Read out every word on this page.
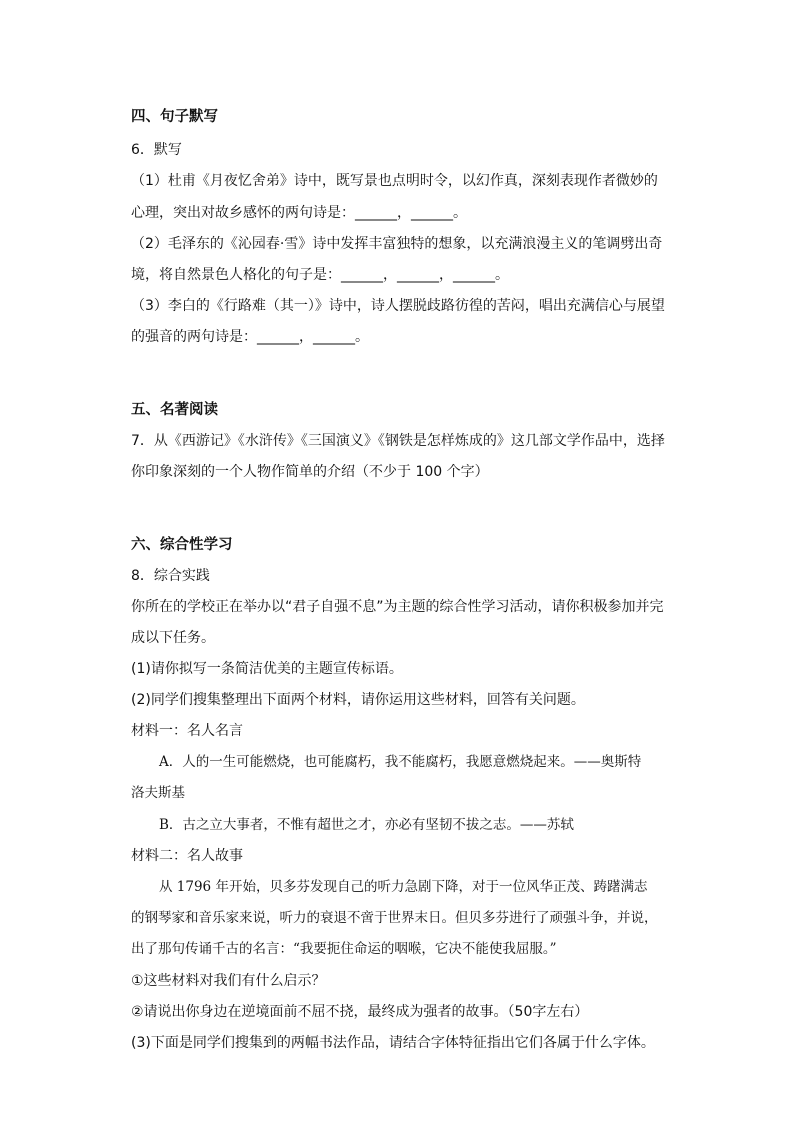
四、句子默写
6．默写
（1）杜甫《月夜忆舍弟》诗中，既写景也点明时令，以幻作真，深刻表现作者微妙的
心理，突出对故乡感怀的两句诗是：______，______。
（2）毛泽东的《沁园春·雪》诗中发挥丰富独特的想象，以充满浪漫主义的笔调劈出奇
境，将自然景色人格化的句子是：______，______，______。
（3）李白的《行路难（其一）》诗中，诗人摆脱歧路彷徨的苦闷，唱出充满信心与展望
的强音的两句诗是：______，______。
五、名著阅读
7．从《西游记》《水浒传》《三国演义》《钢铁是怎样炼成的》这几部文学作品中，选择
你印象深刻的一个人物作简单的介绍（不少于 100 个字）
六、综合性学习
8．综合实践
你所在的学校正在举办以“君子自强不息”为主题的综合性学习活动，请你积极参加并完
成以下任务。
(1)请你拟写一条简洁优美的主题宣传标语。
(2)同学们搜集整理出下面两个材料，请你运用这些材料，回答有关问题。
材料一：名人名言
A．人的一生可能燃烧，也可能腐朽，我不能腐朽，我愿意燃烧起来。——奥斯特
洛夫斯基
B．古之立大事者，不惟有超世之才，亦必有坚韧不拔之志。——苏轼
材料二：名人故事
从 1796 年开始，贝多芬发现自己的听力急剧下降，对于一位风华正茂、踌躇满志
的钢琴家和音乐家来说，听力的衰退不啻于世界末日。但贝多芬进行了顽强斗争，并说，
出了那句传诵千古的名言：“我要扼住命运的咽喉，它决不能使我屈服。”
①这些材料对我们有什么启示？
②请说出你身边在逆境面前不屈不挠，最终成为强者的故事。（50字左右）
(3)下面是同学们搜集到的两幅书法作品，请结合字体特征指出它们各属于什么字体。
